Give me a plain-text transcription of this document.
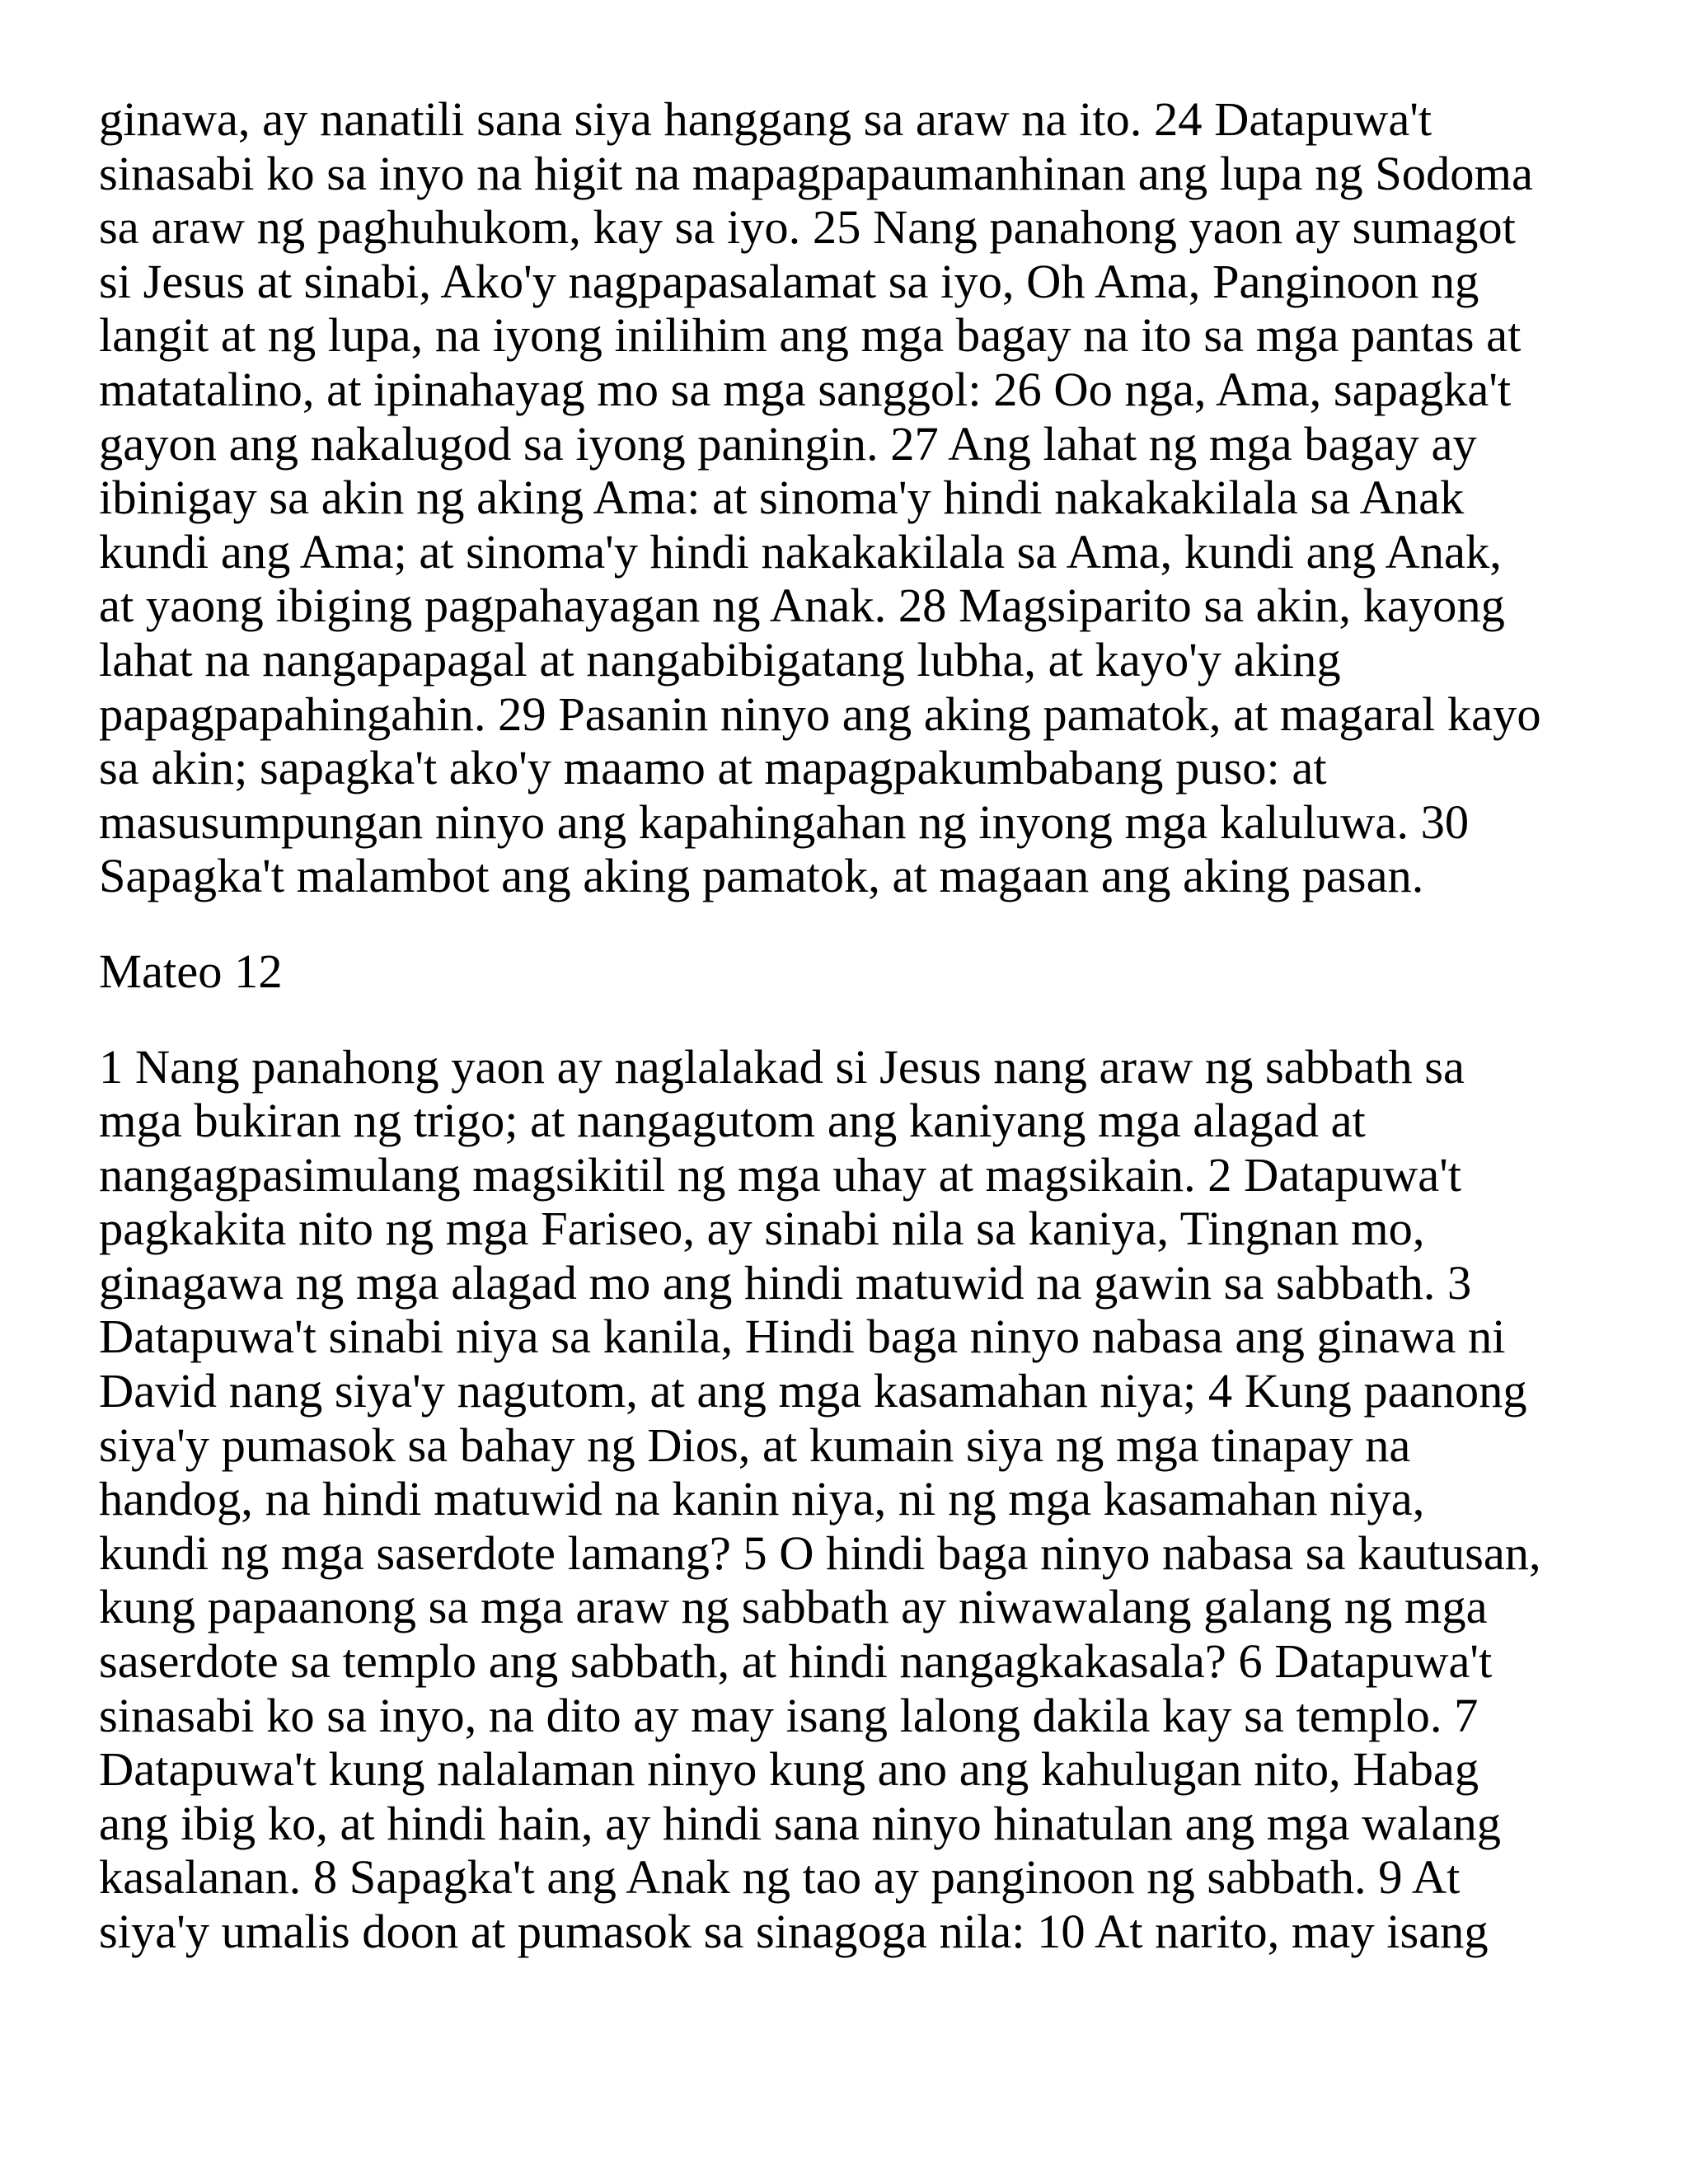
ginawa, ay nanatili sana siya hanggang sa araw na ito. 24 Datapuwa't
sinasabi ko sa inyo na higit na mapagpapaumanhinan ang lupa ng Sodoma
sa araw ng paghuhukom, kay sa iyo. 25 Nang panahong yaon ay sumagot
si Jesus at sinabi, Ako'y nagpapasalamat sa iyo, Oh Ama, Panginoon ng
langit at ng lupa, na iyong inilihim ang mga bagay na ito sa mga pantas at
matatalino, at ipinahayag mo sa mga sanggol: 26 Oo nga, Ama, sapagka't
gayon ang nakalugod sa iyong paningin. 27 Ang lahat ng mga bagay ay
ibinigay sa akin ng aking Ama: at sinoma'y hindi nakakakilala sa Anak
kundi ang Ama; at sinoma'y hindi nakakakilala sa Ama, kundi ang Anak,
at yaong ibiging pagpahayagan ng Anak. 28 Magsiparito sa akin, kayong
lahat na nangapapagal at nangabibigatang lubha, at kayo'y aking
papagpapahingahin. 29 Pasanin ninyo ang aking pamatok, at magaral kayo
sa akin; sapagka't ako'y maamo at mapagpakumbabang puso: at
masusumpungan ninyo ang kapahingahan ng inyong mga kaluluwa. 30
Sapagka't malambot ang aking pamatok, at magaan ang aking pasan.
Mateo 12
1 Nang panahong yaon ay naglalakad si Jesus nang araw ng sabbath sa
mga bukiran ng trigo; at nangagutom ang kaniyang mga alagad at
nangagpasimulang magsikitil ng mga uhay at magsikain. 2 Datapuwa't
pagkakita nito ng mga Fariseo, ay sinabi nila sa kaniya, Tingnan mo,
ginagawa ng mga alagad mo ang hindi matuwid na gawin sa sabbath. 3
Datapuwa't sinabi niya sa kanila, Hindi baga ninyo nabasa ang ginawa ni
David nang siya'y nagutom, at ang mga kasamahan niya; 4 Kung paanong
siya'y pumasok sa bahay ng Dios, at kumain siya ng mga tinapay na
handog, na hindi matuwid na kanin niya, ni ng mga kasamahan niya,
kundi ng mga saserdote lamang? 5 O hindi baga ninyo nabasa sa kautusan,
kung papaanong sa mga araw ng sabbath ay niwawalang galang ng mga
saserdote sa templo ang sabbath, at hindi nangagkakasala? 6 Datapuwa't
sinasabi ko sa inyo, na dito ay may isang lalong dakila kay sa templo. 7
Datapuwa't kung nalalaman ninyo kung ano ang kahulugan nito, Habag
ang ibig ko, at hindi hain, ay hindi sana ninyo hinatulan ang mga walang
kasalanan. 8 Sapagka't ang Anak ng tao ay panginoon ng sabbath. 9 At
siya'y umalis doon at pumasok sa sinagoga nila: 10 At narito, may isang
